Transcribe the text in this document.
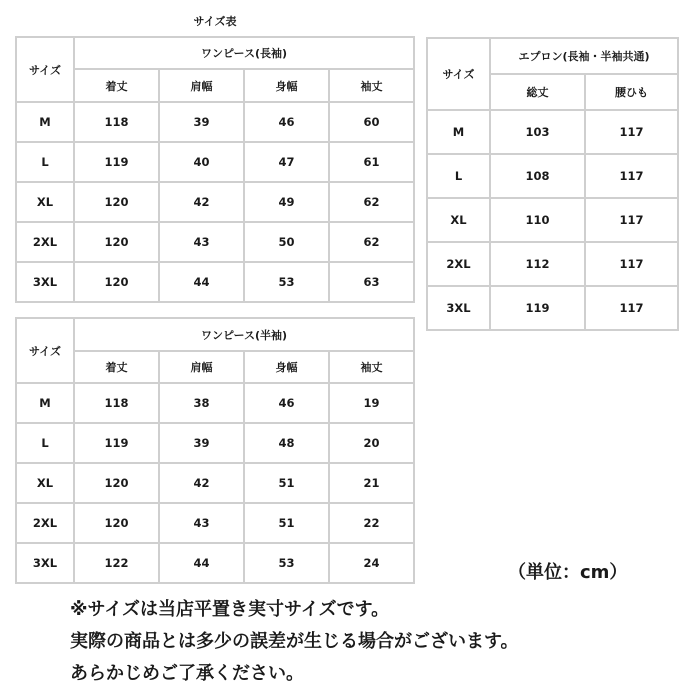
サイズ表
サイズ	ワンピース(長袖)			
	着丈	肩幅	身幅	袖丈
M	118	39	46	60
L	119	40	47	61
XL	120	42	49	62
2XL	120	43	50	62
3XL	120	44	53	63
サイズ	ワンピース(半袖)			
	着丈	肩幅	身幅	袖丈
M	118	38	46	19
L	119	39	48	20
XL	120	42	51	21
2XL	120	43	51	22
3XL	122	44	53	24
サイズ	エプロン(長袖・半袖共通)	
	総丈	腰ひも
M	103	117
L	108	117
XL	110	117
2XL	112	117
3XL	119	117
（単位：cm）
※サイズは当店平置き実寸サイズです。
実際の商品とは多少の誤差が生じる場合がございます。
あらかじめご了承ください。
